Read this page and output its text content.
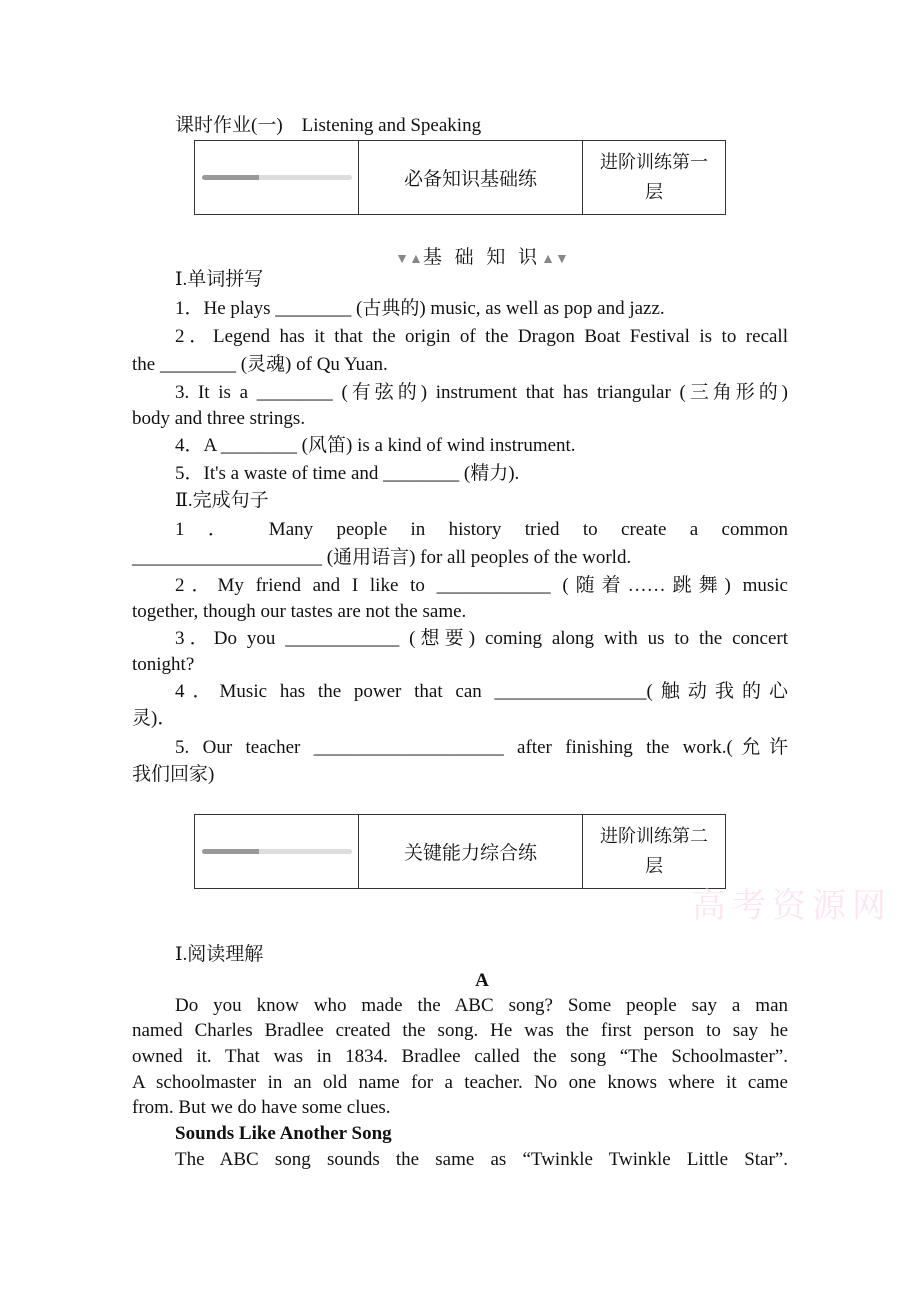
课时作业(一)　Listening and Speaking
必备知识基础练
进阶训练第一层
▼▲基 础 知 识▲▼
Ⅰ.单词拼写
1．He plays ________ (古典的) music, as well as pop and jazz.
2．Legend has it that the origin of the Dragon Boat Festival is to recall
the ________ (灵魂) of Qu Yuan.
3. It is a ________ (有弦的) instrument that has triangular (三角形的)
body and three strings.
4．A ________ (风笛) is a kind of wind instrument.
5．It's a waste of time and ________ (精力).
Ⅱ.完成句子
1 ． Many people in history tried to create a common
____________________ (通用语言) for all peoples of the world.
2．My friend and I like to ____________ (随着……跳舞) music
together, though our tastes are not the same.
3．Do you ____________ (想要) coming along with us to the concert
tonight?
4．Music has the power that can ________________(触动我的心
灵)．
5. Our teacher ____________________ after finishing the work.(允许
我们回家)
关键能力综合练
进阶训练第二层
高考资源网
Ⅰ.阅读理解
A
Do you know who made the ABC song? Some people say a man
named Charles Bradlee created the song. He was the first person to say he
owned it. That was in 1834. Bradlee called the song “The Schoolmaster”.
A schoolmaster in an old name for a teacher. No one knows where it came
from. But we do have some clues.
Sounds Like Another Song
The ABC song sounds the same as “Twinkle Twinkle Little Star”.
